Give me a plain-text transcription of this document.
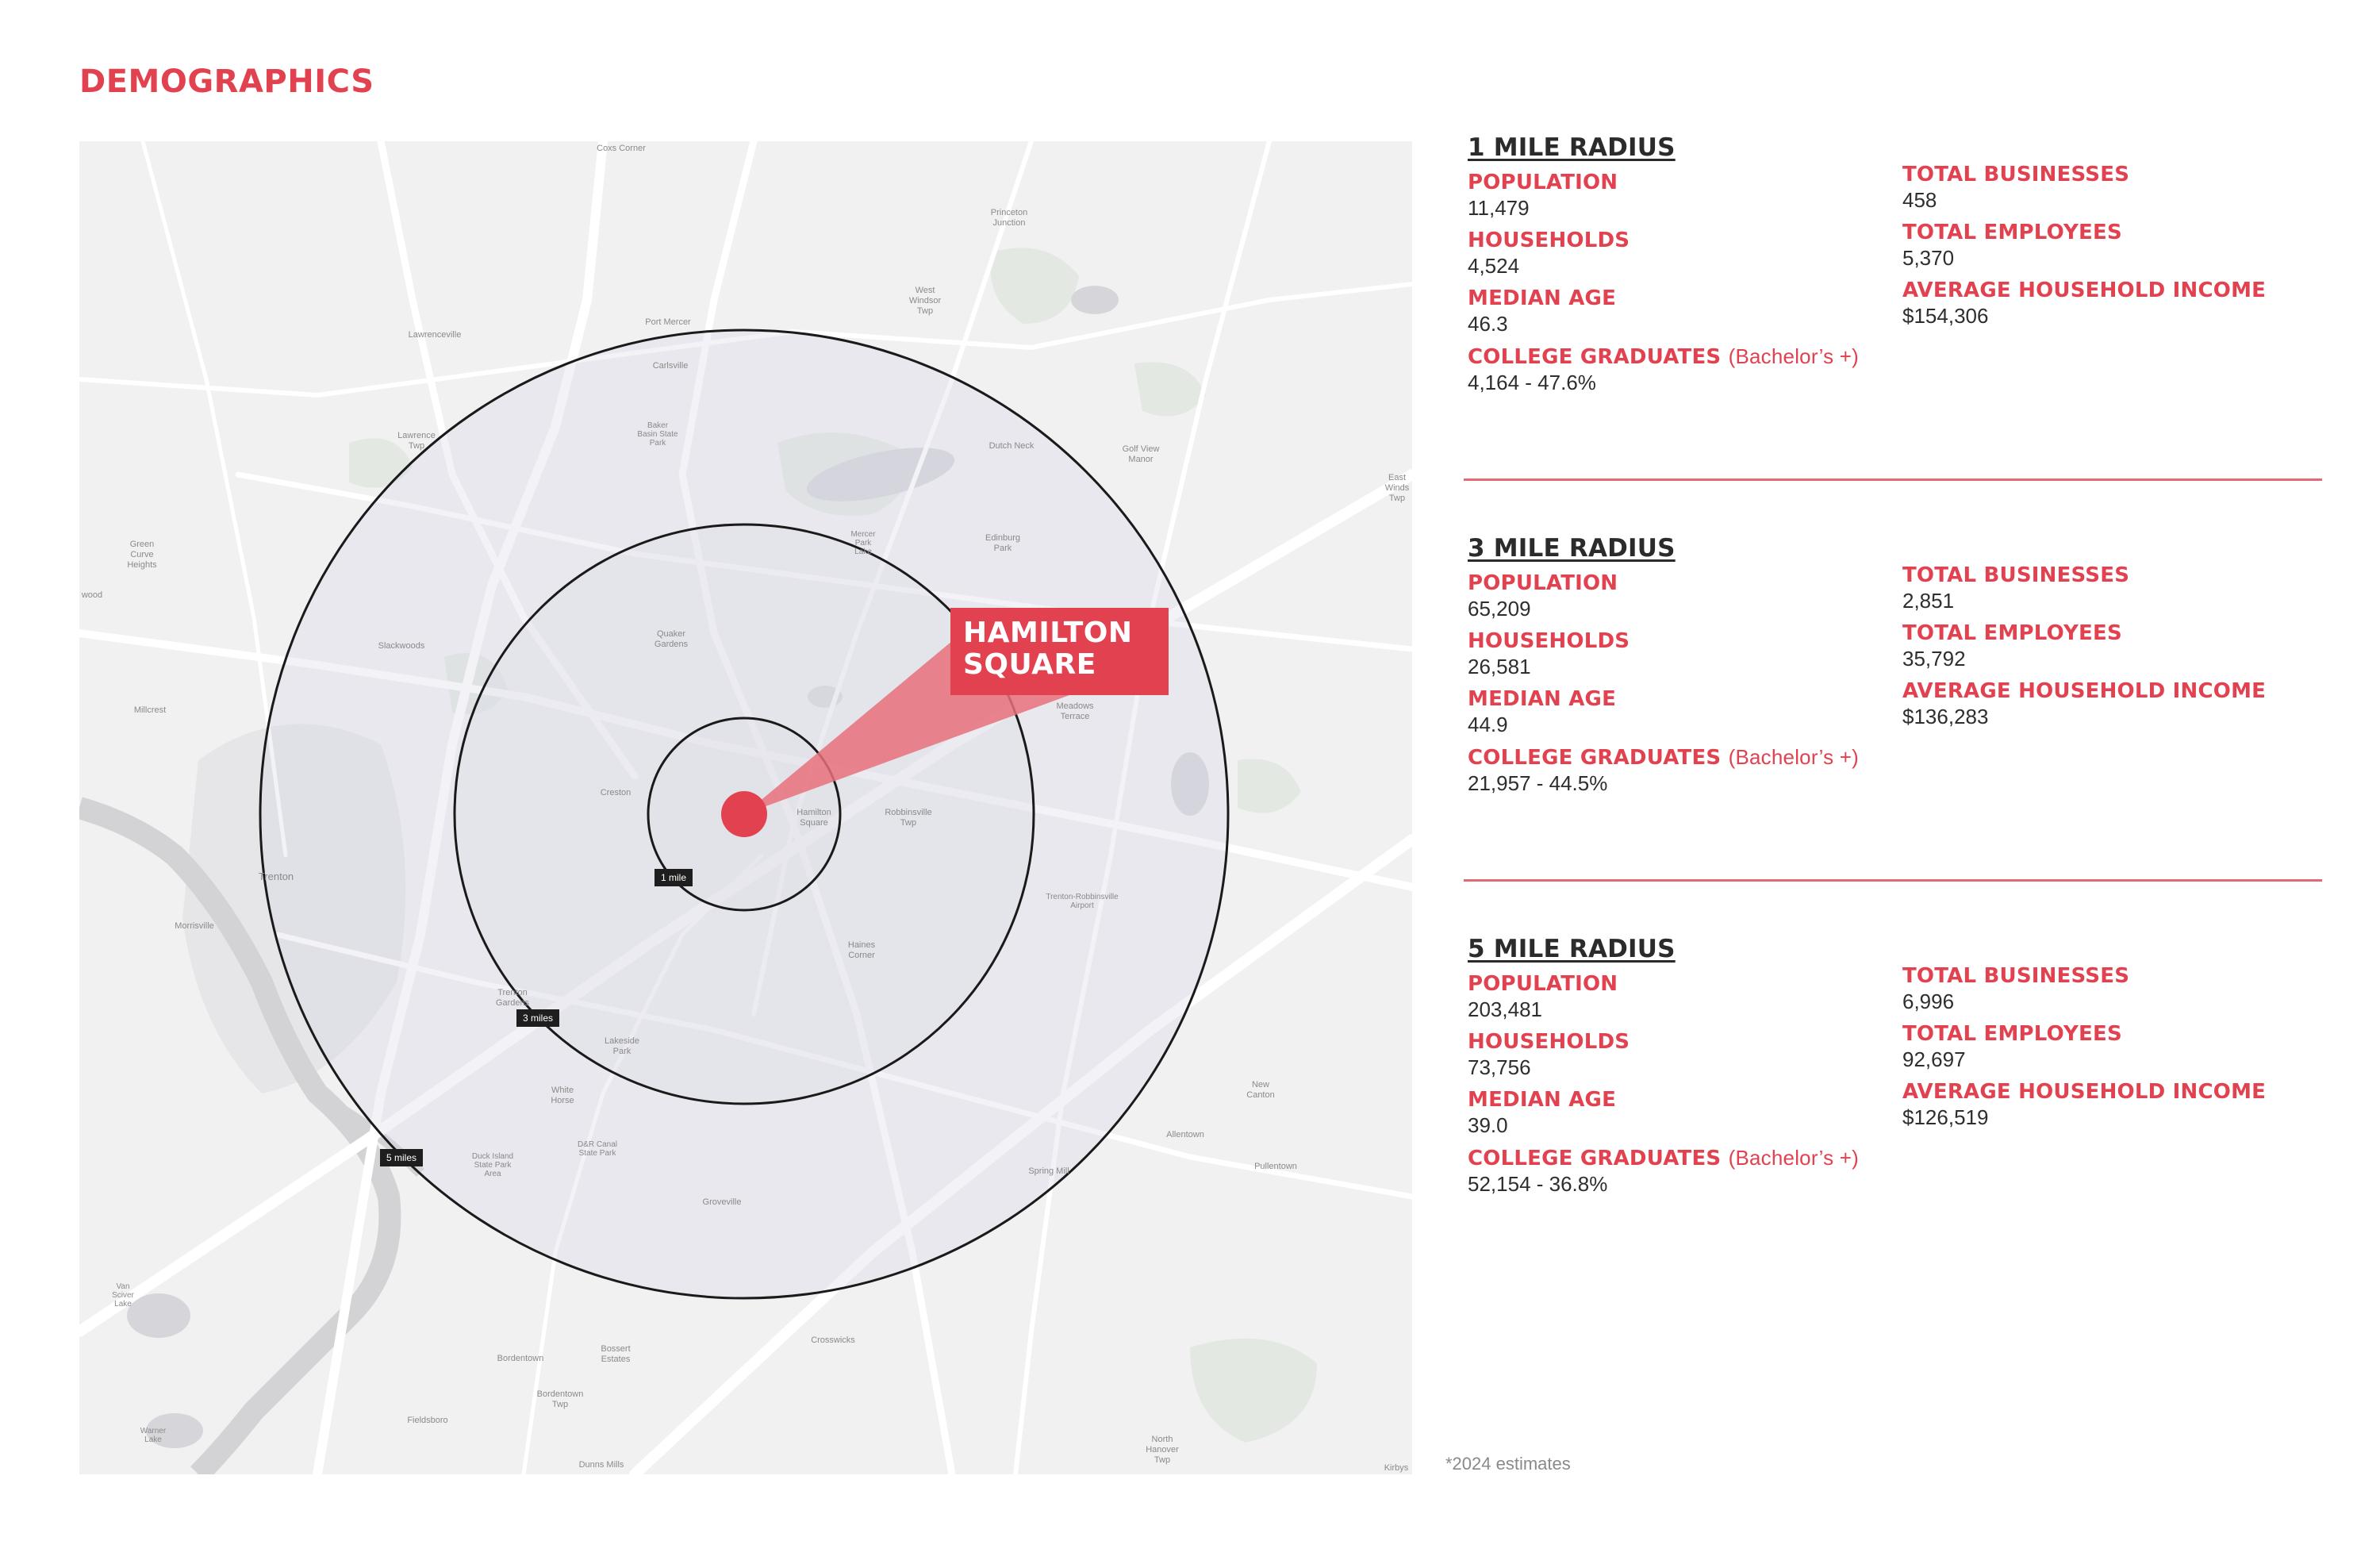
DEMOGRAPHICS
Coxs Corner
Princeton
Junction
West
Windsor
Twp
Port Mercer
Lawrenceville
Carlsville
Baker
Basin State
Park
Lawrence
Twp	Dutch Neck	Golf View
Manor
East
Winds
Twp
Green
Curve
Heights
wood
Mercer
Park
Lake
Edinburg
Park
Slackwoods
Quaker
Gardens
Meadows
Terrace
Millcrest
Creston
Hamilton
Square
Robbinsville
Twp
Trenton
Morrisville
Trenton-Robbinsville
Airport
Haines
Corner
Trenton
Gardens
Lakeside
Park
White
Horse
D&R Canal
State Park
Duck Island
State Park
Area
New
Canton
Allentown
Pullentown
Spring Mill
Groveville
Van
Sciver
Lake
Crosswicks
Bordentown
Bossert
Estates
Bordentown
Twp
Fieldsboro
Warner
Lake
Dunns Mills
North
Hanover
Twp
Kirbys
1 mile
3 miles
5 miles
HAMILTON
SQUARE
1 MILE RADIUS
POPULATION
11,479
HOUSEHOLDS
4,524
MEDIAN AGE
46.3
COLLEGE GRADUATES (Bachelor’s +)
4,164 - 47.6%
TOTAL BUSINESSES
458
TOTAL EMPLOYEES
5,370
AVERAGE HOUSEHOLD INCOME
$154,306
3 MILE RADIUS
POPULATION
65,209
HOUSEHOLDS
26,581
MEDIAN AGE
44.9
COLLEGE GRADUATES (Bachelor’s +)
21,957 - 44.5%
TOTAL BUSINESSES
2,851
TOTAL EMPLOYEES
35,792
AVERAGE HOUSEHOLD INCOME
$136,283
5 MILE RADIUS
POPULATION
203,481
HOUSEHOLDS
73,756
MEDIAN AGE
39.0
COLLEGE GRADUATES (Bachelor’s +)
52,154 - 36.8%
TOTAL BUSINESSES
6,996
TOTAL EMPLOYEES
92,697
AVERAGE HOUSEHOLD INCOME
$126,519
*2024 estimates
